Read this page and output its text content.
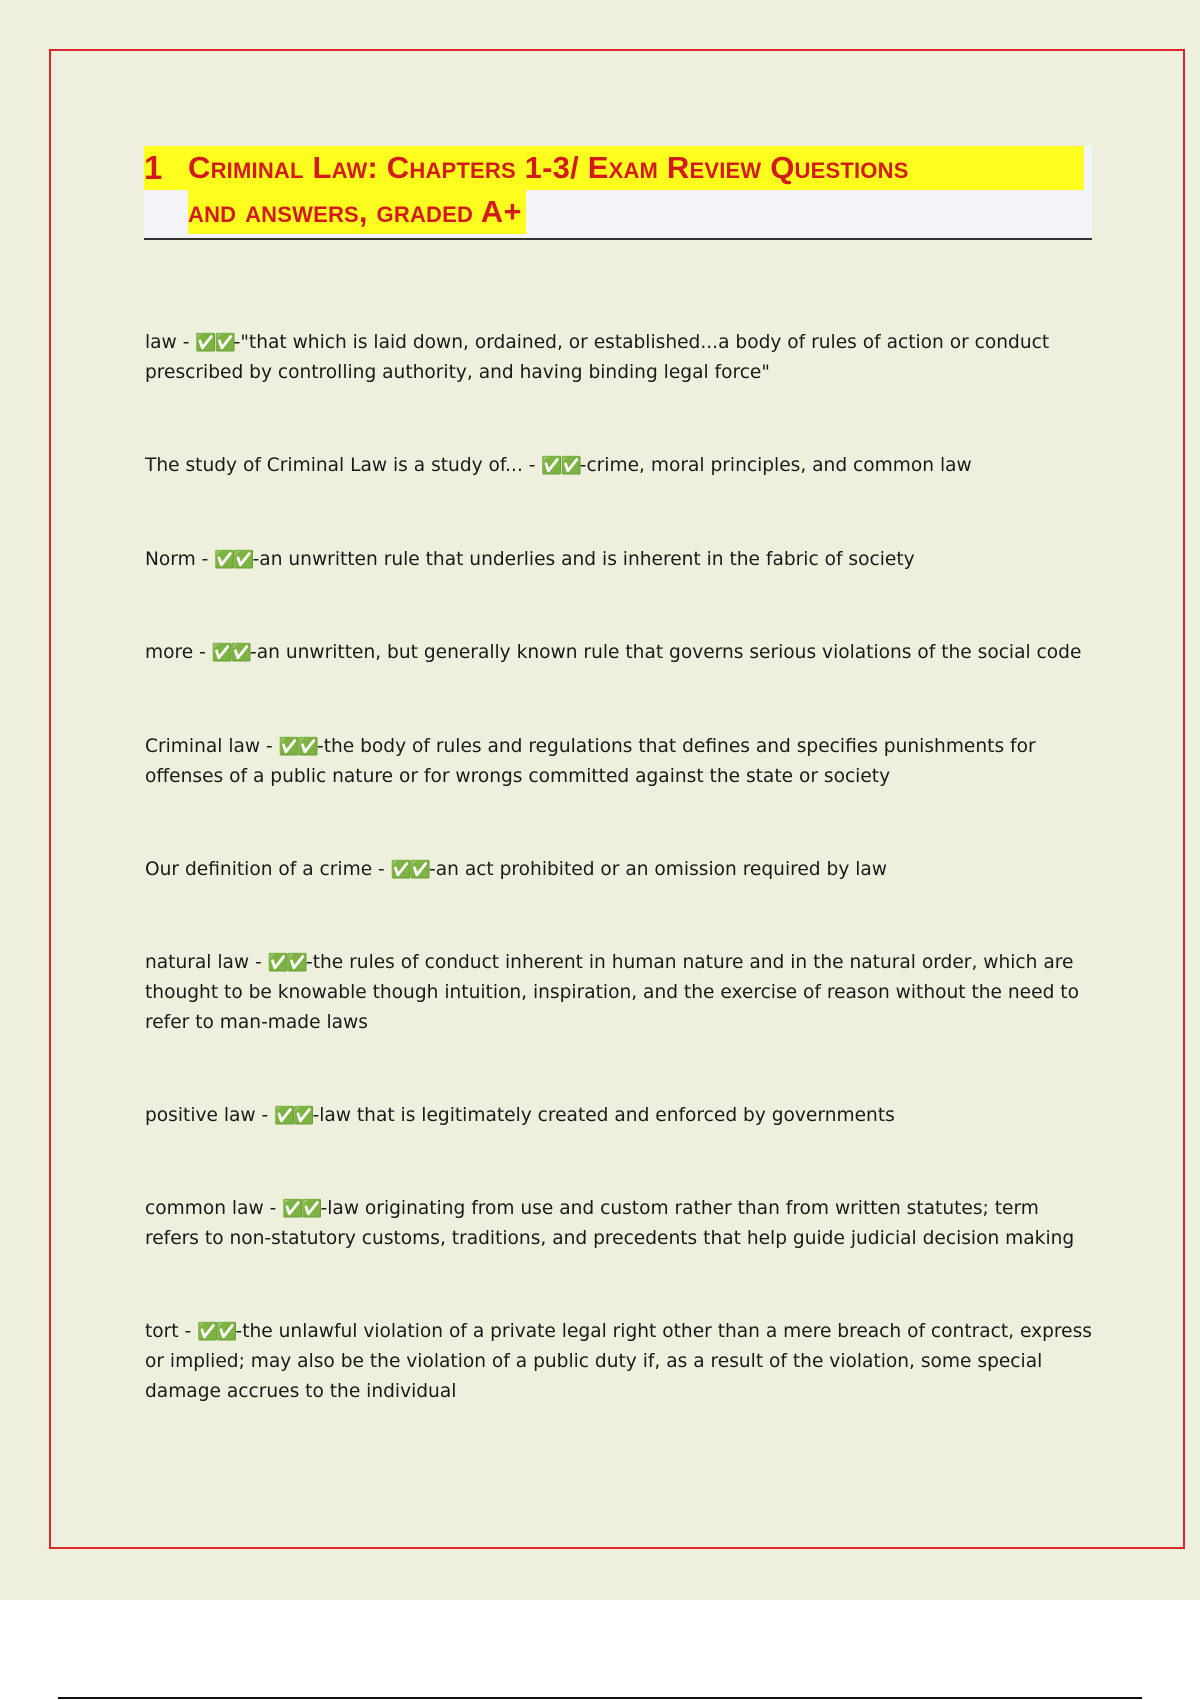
1 Criminal Law: Chapters 1-3/ Exam Review Questions
and answers, graded A+
law - ✅✅-"that which is laid down, ordained, or established...a body of rules of action or conduct prescribed by controlling authority, and having binding legal force"
The study of Criminal Law is a study of... - ✅✅-crime, moral principles, and common law
Norm - ✅✅-an unwritten rule that underlies and is inherent in the fabric of society
more - ✅✅-an unwritten, but generally known rule that governs serious violations of the social code
Criminal law - ✅✅-the body of rules and regulations that defines and specifies punishments for offenses of a public nature or for wrongs committed against the state or society
Our definition of a crime - ✅✅-an act prohibited or an omission required by law
natural law - ✅✅-the rules of conduct inherent in human nature and in the natural order, which are thought to be knowable though intuition, inspiration, and the exercise of reason without the need to refer to man-made laws
positive law - ✅✅-law that is legitimately created and enforced by governments
common law - ✅✅-law originating from use and custom rather than from written statutes; term refers to non-statutory customs, traditions, and precedents that help guide judicial decision making
tort - ✅✅-the unlawful violation of a private legal right other than a mere breach of contract, express or implied; may also be the violation of a public duty if, as a result of the violation, some special damage accrues to the individual
